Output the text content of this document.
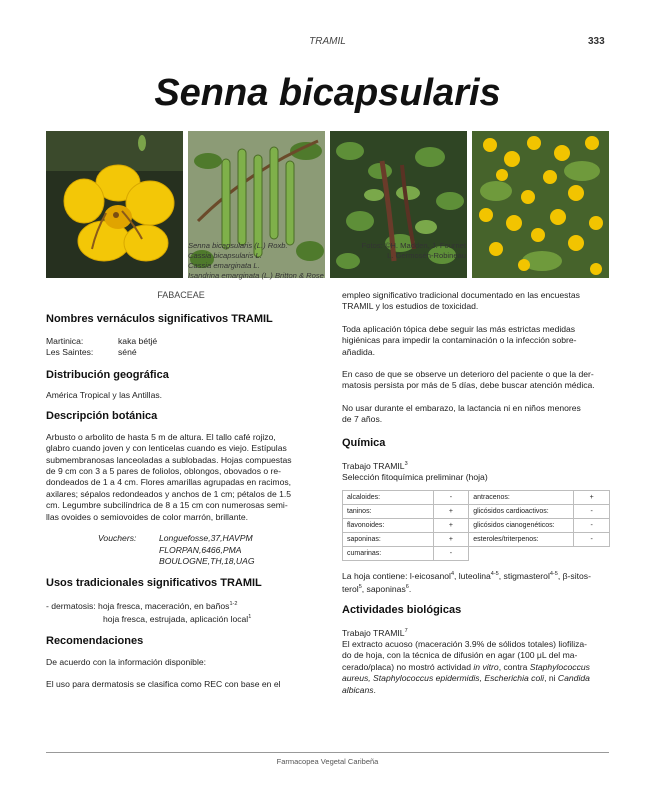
TRAMIL	333
Senna bicapsularis
Senna bicapsularis (L.) Roxb.
Cassia bicapsularis L.
Cassia emarginata L.
Isandrina emarginata (L.) Britton & Rose
Fotos: ©H. Madden, J. Fournet
L. Germosén-Robineau
FABACEAE
Nombres vernáculos significativos TRAMIL
Martinica:	kaka bétjé
Les Saintes:	séné
Distribución geográfica

América Tropical y las Antillas.

Descripción botánica
Arbusto o arbolito de hasta 5 m de altura. El tallo café rojizo,
glabro cuando joven y con lenticelas cuando es viejo. Estípulas
submembranosas lanceoladas a sublobadas. Hojas compuestas
de 9 cm con 3 a 5 pares de foliolos, oblongos, obovados o re-
dondeados de 1 a 4 cm. Flores amarillas agrupadas en racimos,
axilares; sépalos redondeados y anchos de 1 cm; pétalos de 1.5
cm. Legumbre subcilíndrica de 8 a 15 cm con numerosas semi-
llas ovoides o semiovoides de color marrón, brillante.
Vouchers:	Longuefosse,37,HAVPM
FLORPAN,6466,PMA
BOULOGNE,TH,18,UAG
Usos tradicionales significativos TRAMIL
- dermatosis: hoja fresca, maceración, en baños$^{1-2}$
hoja fresca, estrujada, aplicación local$^1$
Recomendaciones

De acuerdo con la información disponible:

El uso para dermatosis se clasifica como REC con base en el

empleo significativo tradicional documentado en las encuestas
TRAMIL y los estudios de toxicidad.
Toda aplicación tópica debe seguir las más estrictas medidas
higiénicas para impedir la contaminación o la infección sobre-
añadida.
En caso de que se observe un deterioro del paciente o que la der-
matosis persista por más de 5 días, debe buscar atención médica.
No usar durante el embarazo, la lactancia ni en niños menores
de 7 años.
Química
Trabajo TRAMIL$^3$
Selección fitoquímica preliminar (hoja)
alcaloides:	-	antracenos:	+
taninos:	+	glicósidos cardioactivos:	-
flavonoides:	+	glicósidos cianogenéticos:	-
saponinas:	+	esteroles/triterpenos:	-
cumarinas:	-		
La hoja contiene: l-eicosanol$^4$, luteolina$^{4-5}$, stigmasterol$^{4-5}$, β-sitos-
terol$^5$, saponinas$^6$.
Actividades biológicas
Trabajo TRAMIL$^7$
El extracto acuoso (maceración 3.9% de sólidos totales) liofiliza-
do de hoja, con la técnica de difusión en agar (100 μL del ma-
cerado/placa) no mostró actividad in vitro, contra Staphylococcus
aureus, Staphylococcus epidermidis, Escherichia coli, ni Candida
albicans.
Farmacopea Vegetal Caribeña
